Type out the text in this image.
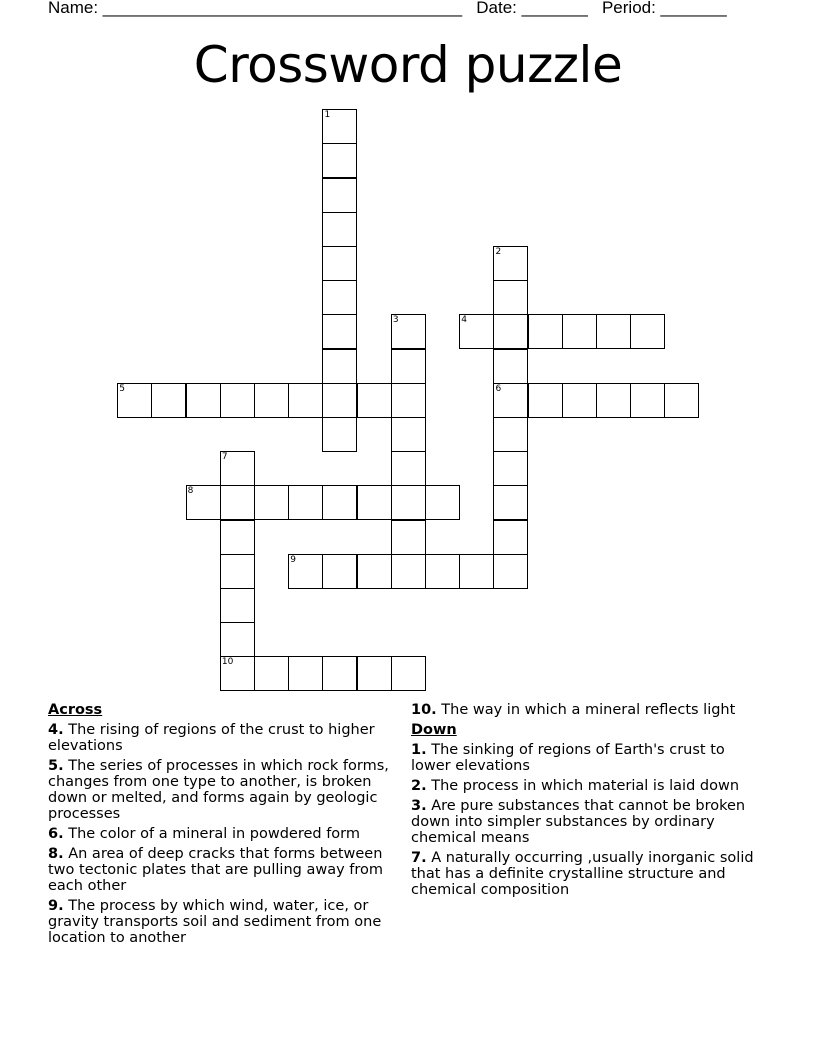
Name: ______________________________________ Date: _______ Period: _______
Crossword puzzle
1
2
6
3	4
5
7
10
8
9
Across
4. The rising of regions of the crust to higher elevations
5. The series of processes in which rock forms, changes from one type to another, is broken down or melted, and forms again by geologic processes
6. The color of a mineral in powdered form
8. An area of deep cracks that forms between two tectonic plates that are pulling away from each other
9. The process by which wind, water, ice, or gravity transports soil and sediment from one location to another
10. The way in which a mineral reflects light
Down
1. The sinking of regions of Earth's crust to lower elevations
2. The process in which material is laid down
3. Are pure substances that cannot be broken down into simpler substances by ordinary chemical means
7. A naturally occurring ,usually inorganic solid that has a definite crystalline structure and chemical composition
